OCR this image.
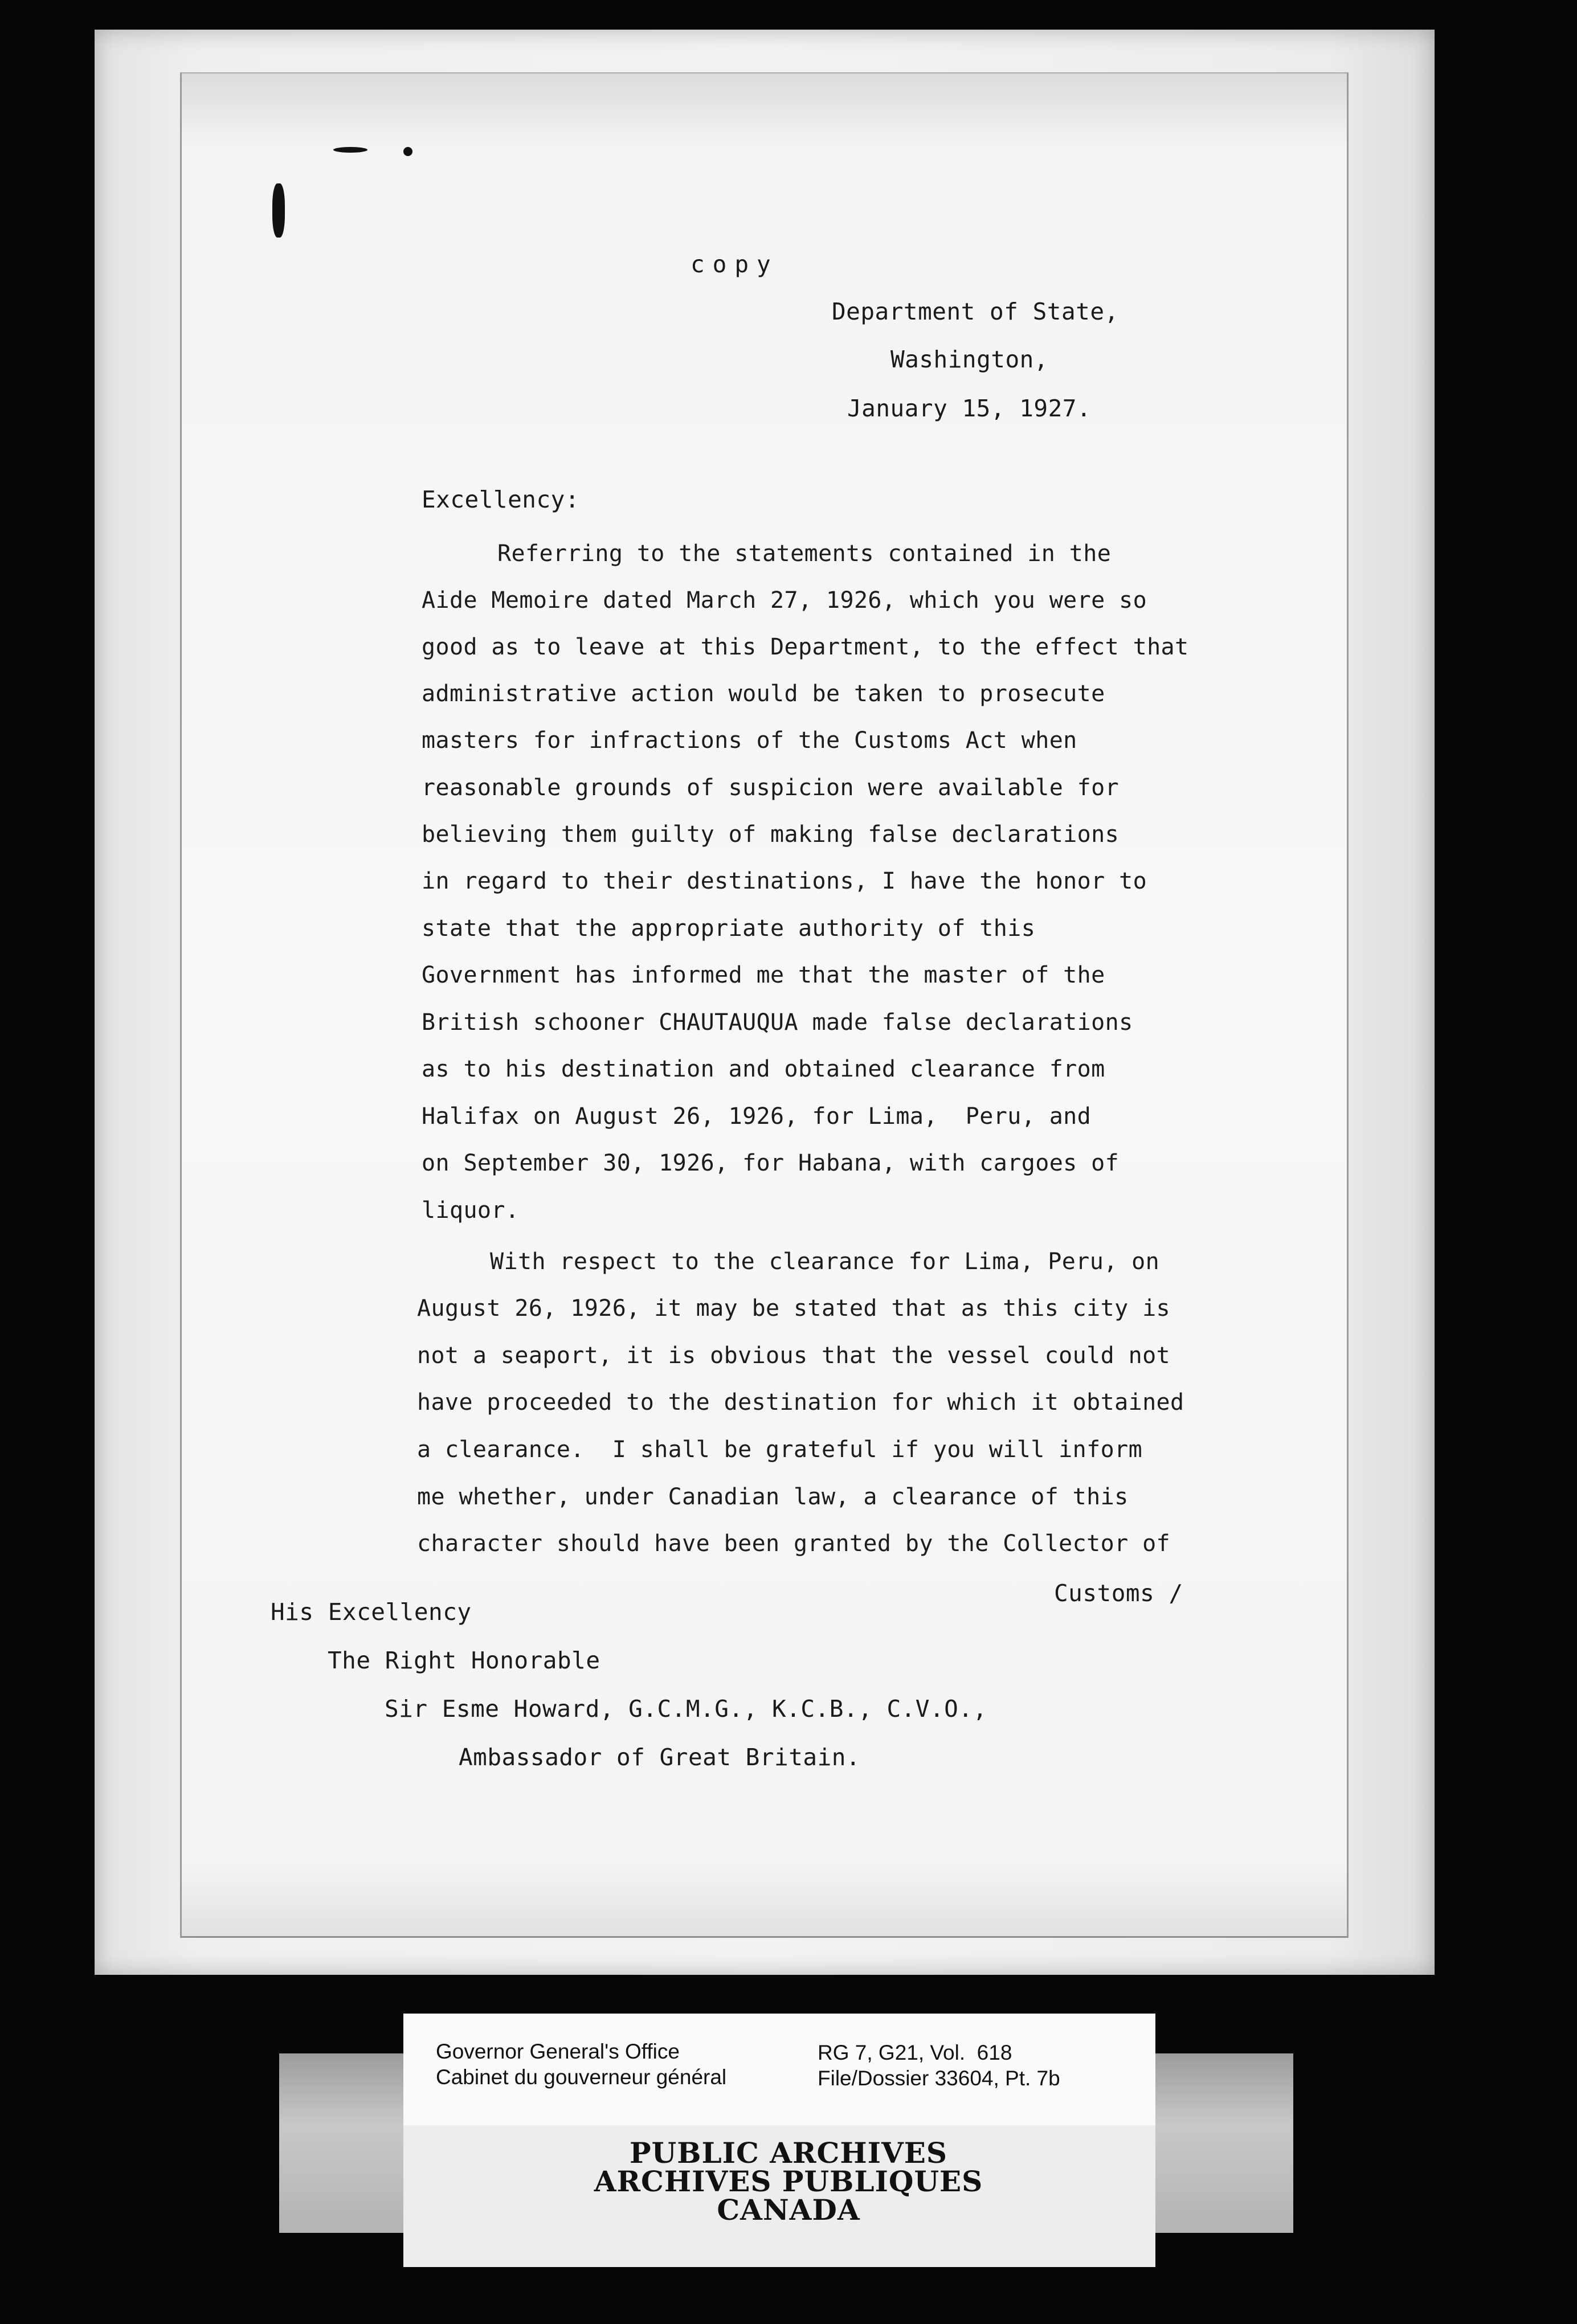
copy
Department of State,
Washington,
January 15, 1927.
Excellency:
Referring to the statements contained in the
Aide Memoire dated March 27, 1926, which you were so
good as to leave at this Department, to the effect that
administrative action would be taken to prosecute
masters for infractions of the Customs Act when
reasonable grounds of suspicion were available for
believing them guilty of making false declarations
in regard to their destinations, I have the honor to
state that the appropriate authority of this
Government has informed me that the master of the
British schooner CHAUTAUQUA made false declarations
as to his destination and obtained clearance from
Halifax on August 26, 1926, for Lima,  Peru, and
on September 30, 1926, for Habana, with cargoes of
liquor.
With respect to the clearance for Lima, Peru, on
August 26, 1926, it may be stated that as this city is
not a seaport, it is obvious that the vessel could not
have proceeded to the destination for which it obtained
a clearance.  I shall be grateful if you will inform
me whether, under Canadian law, a clearance of this
character should have been granted by the Collector of
Customs /
His Excellency
The Right Honorable
Sir Esme Howard, G.C.M.G., K.C.B., C.V.O.,
Ambassador of Great Britain.
Governor General's Office
Cabinet du gouverneur général
RG 7, G21, Vol.  618
File/Dossier 33604, Pt. 7b
PUBLIC ARCHIVES
ARCHIVES PUBLIQUES
CANADA
